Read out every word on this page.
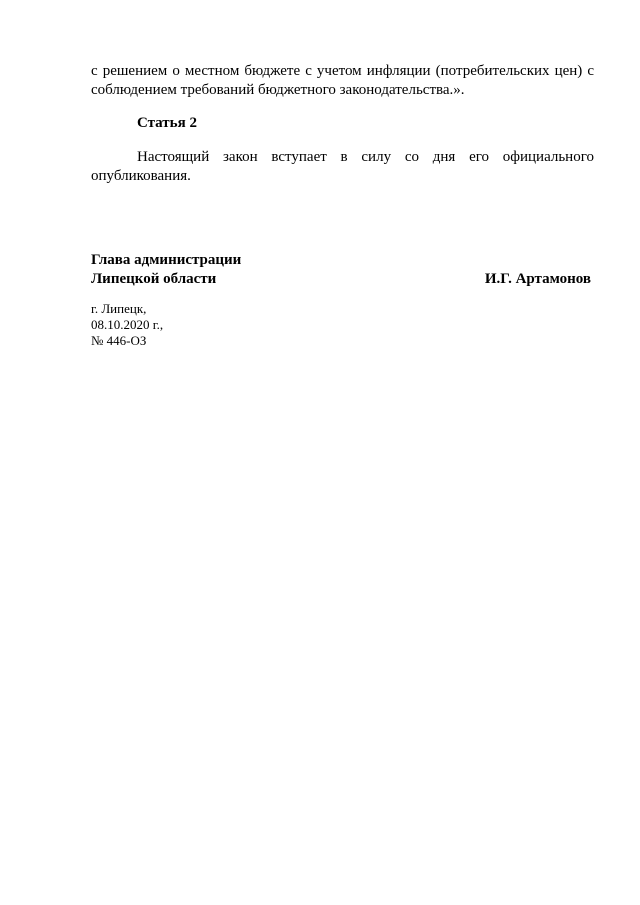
с решением о местном бюджете с учетом инфляции (потребительских цен) с
соблюдением требований бюджетного законодательства.».
Статья 2
Настоящий закон вступает в силу со дня его официального
опубликования.
Глава администрации
Липецкой области	И.Г. Артамонов
г. Липецк,
08.10.2020 г.,
№ 446-ОЗ
